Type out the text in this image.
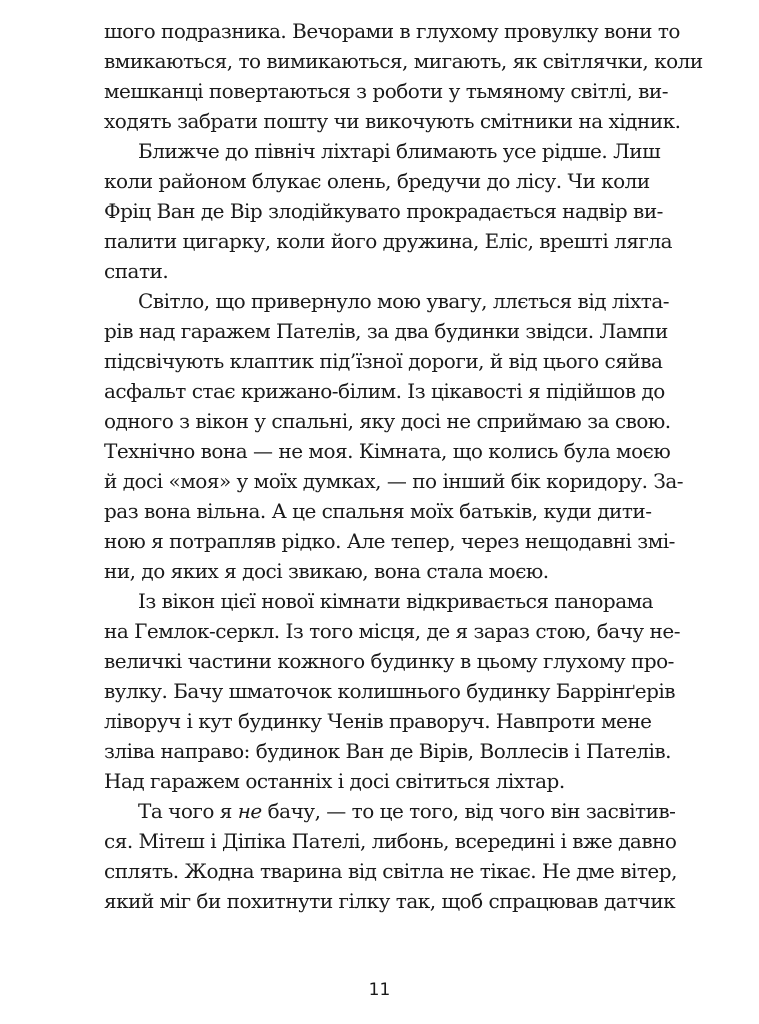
шого подразника. Вечорами в глухому провулку вони то
вмикаються, то вимикаються, мигають, як світлячки, коли
мешканці повертаються з роботи у тьмяному світлі, ви-
ходять забрати пошту чи викочують смітники на хідник.
Ближче до північ ліхтарі блимають усе рідше. Лиш
коли районом блукає олень, бредучи до лісу. Чи коли
Фріц Ван де Вір злодійкувато прокрадається надвір ви-
палити цигарку, коли його дружина, Еліс, врешті лягла
спати.
Світло, що привернуло мою увагу, ллється від ліхта-
рів над гаражем Пателів, за два будинки звідси. Лампи
підсвічують клаптик під’їзної дороги, й від цього сяйва
асфальт стає крижано-білим. Із цікавості я підійшов до
одного з вікон у спальні, яку досі не сприймаю за свою.
Технічно вона — не моя. Кімната, що колись була моєю
й досі «моя» у моїх думках, — по інший бік коридору. За-
раз вона вільна. А це спальня моїх батьків, куди дити-
ною я потрапляв рідко. Але тепер, через нещодавні змі-
ни, до яких я досі звикаю, вона стала моєю.
Із вікон цієї нової кімнати відкривається панорама
на Гемлок-серкл. Із того місця, де я зараз стою, бачу не-
величкі частини кожного будинку в цьому глухому про-
вулку. Бачу шматочок колишнього будинку Баррінґерів
ліворуч і кут будинку Ченів праворуч. Навпроти мене
зліва направо: будинок Ван де Вірів, Воллесів і Пателів.
Над гаражем останніх і досі світиться ліхтар.
Та чого я не бачу, — то це того, від чого він засвітив-
ся. Мітеш і Діпіка Пателі, либонь, всередині і вже давно
сплять. Жодна тварина від світла не тікає. Не дме вітер,
який міг би похитнути гілку так, щоб спрацював датчик
11
